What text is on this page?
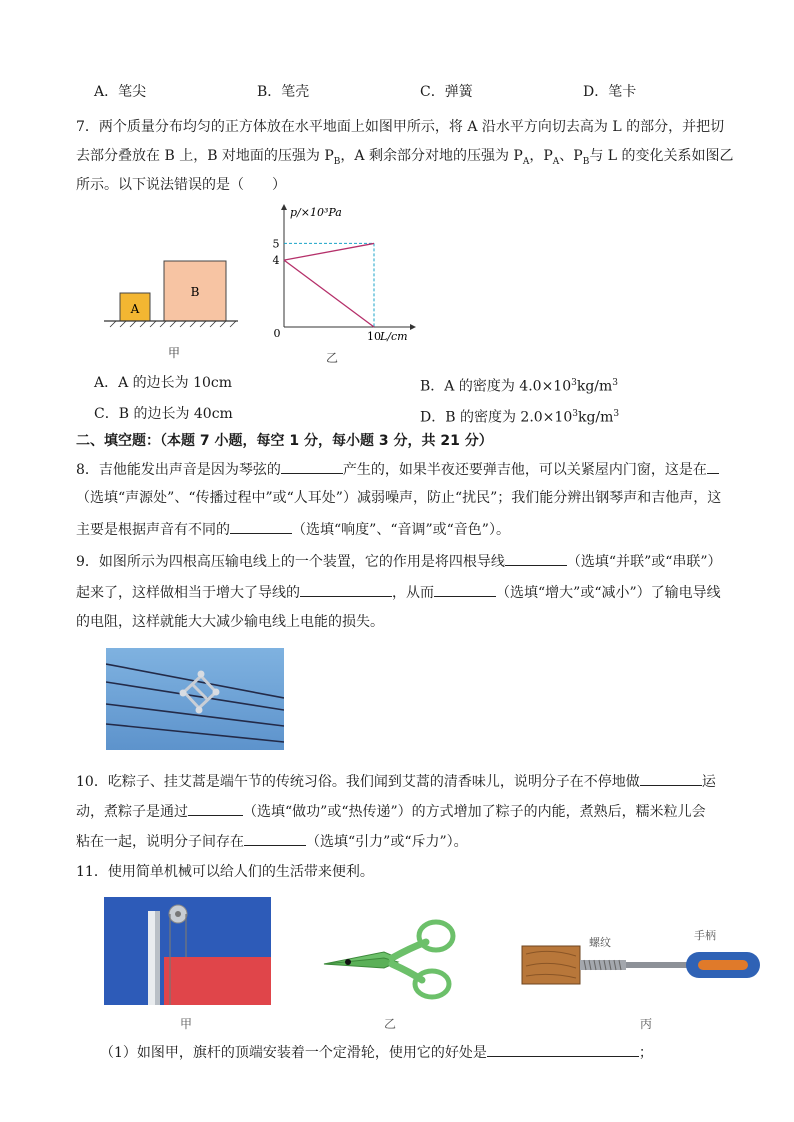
A．笔尖	B．笔壳	C．弹簧	D．笔卡
7．两个质量分布均匀的正方体放在水平地面上如图甲所示，将 A 沿水平方向切去高为 L 的部分，并把切
去部分叠放在 B 上，B 对地面的压强为 $P_B$，A 剩余部分对地的压强为 $P_A$，$P_A$、$P_B$与 L 的变化关系如图乙
所示。以下说法错误的是（　　）
A
B
甲
p/×10³Pa
L/cm
0	10
4
5
乙
A．A 的边长为 10cm	B．A 的密度为 $4.0\times 10^3kg/m^3$
C．B 的边长为 40cm	D．B 的密度为 $2.0\times 10^3kg/m^3$
二、填空题：（本题 7 小题，每空 1 分，每小题 3 分，共 21 分）
8．吉他能发出声音是因为琴弦的	产生的，如果半夜还要弹吉他，可以关紧屋内门窗，这是在
（选填“声源处”、“传播过程中”或“人耳处”）减弱噪声，防止“扰民”；我们能分辨出钢琴声和吉他声，这
主要是根据声音有不同的	（选填“响度”、“音调”或“音色”）。
9．如图所示为四根高压输电线上的一个装置，它的作用是将四根导线	（选填“并联”或“串联”）
起来了，这样做相当于增大了导线的	，从而	（选填“增大”或“减小”）了输电导线
的电阻，这样就能大大减少输电线上电能的损失。
10．吃粽子、挂艾蒿是端午节的传统习俗。我们闻到艾蒿的清香味儿，说明分子在不停地做	运
动，煮粽子是通过	（选填“做功”或“热传递”）的方式增加了粽子的内能，煮熟后，糯米粒儿会
粘在一起，说明分子间存在	（选填“引力”或“斥力”）。
11．使用简单机械可以给人们的生活带来便利。
甲	乙
螺纹
手柄
丙
（1）如图甲，旗杆的顶端安装着一个定滑轮，使用它的好处是	；
